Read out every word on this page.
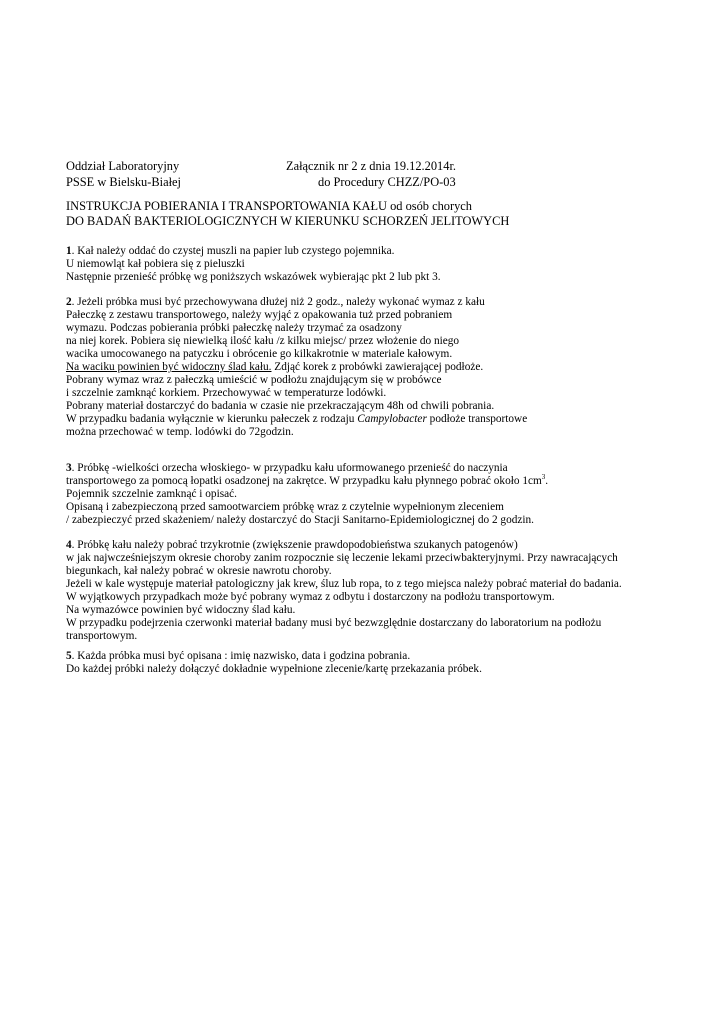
Oddział Laboratoryjny
PSSE w Bielsku-Białej
Załącznik nr 2 z dnia 19.12.2014r.
do Procedury CHZZ/PO-03
INSTRUKCJA POBIERANIA I TRANSPORTOWANIA KAŁU od osób chorych
DO BADAŃ BAKTERIOLOGICZNYCH W KIERUNKU SCHORZEŃ JELITOWYCH
1. Kał należy oddać do czystej muszli na papier lub czystego pojemnika.
U niemowląt kał pobiera się z pieluszki
Następnie przenieść próbkę wg poniższych wskazówek wybierając pkt 2 lub pkt 3.
2. Jeżeli próbka musi być przechowywana dłużej niż 2 godz., należy wykonać wymaz z kału
Pałeczkę z zestawu transportowego, należy wyjąć z opakowania tuż przed pobraniem
wymazu. Podczas pobierania próbki pałeczkę należy trzymać za osadzony
na niej korek. Pobiera się niewielką ilość kału /z kilku miejsc/ przez włożenie do niego
wacika umocowanego na patyczku i obrócenie go kilkakrotnie w materiale kałowym.
Na waciku powinien być widoczny ślad kału. Zdjąć korek z probówki zawierającej podłoże.
Pobrany wymaz wraz z pałeczką umieścić w podłożu znajdującym się w probówce
i szczelnie zamknąć korkiem. Przechowywać w temperaturze lodówki.
Pobrany materiał dostarczyć do badania w czasie nie przekraczającym 48h od chwili pobrania.
W przypadku badania wyłącznie w kierunku pałeczek z rodzaju Campylobacter podłoże transportowe
można przechować w temp. lodówki do 72godzin.
3. Próbkę -wielkości orzecha włoskiego- w przypadku kału uformowanego przenieść do naczynia
transportowego za pomocą łopatki osadzonej na zakrętce. W przypadku kału płynnego pobrać około $1cm^3$.
Pojemnik szczelnie zamknąć i opisać.
Opisaną i zabezpieczoną przed samootwarciem próbkę wraz z czytelnie wypełnionym zleceniem
/ zabezpieczyć przed skażeniem/ należy dostarczyć do Stacji Sanitarno-Epidemiologicznej do 2 godzin.
4. Próbkę kału należy pobrać trzykrotnie (zwiększenie prawdopodobieństwa szukanych patogenów)
w jak najwcześniejszym okresie choroby zanim rozpocznie się leczenie lekami przeciwbakteryjnymi. Przy nawracających
biegunkach, kał należy pobrać w okresie nawrotu choroby.
Jeżeli w kale występuje materiał patologiczny jak krew, śluz lub ropa, to z tego miejsca należy pobrać materiał do badania.
W wyjątkowych przypadkach może być pobrany wymaz z odbytu i dostarczony na podłożu transportowym.
Na wymazówce powinien być widoczny ślad kału.
W przypadku podejrzenia czerwonki materiał badany musi być bezwzględnie dostarczany do laboratorium na podłożu
transportowym.
5. Każda próbka musi być opisana : imię nazwisko, data i godzina pobrania.
Do każdej próbki należy dołączyć dokładnie wypełnione zlecenie/kartę przekazania próbek.
